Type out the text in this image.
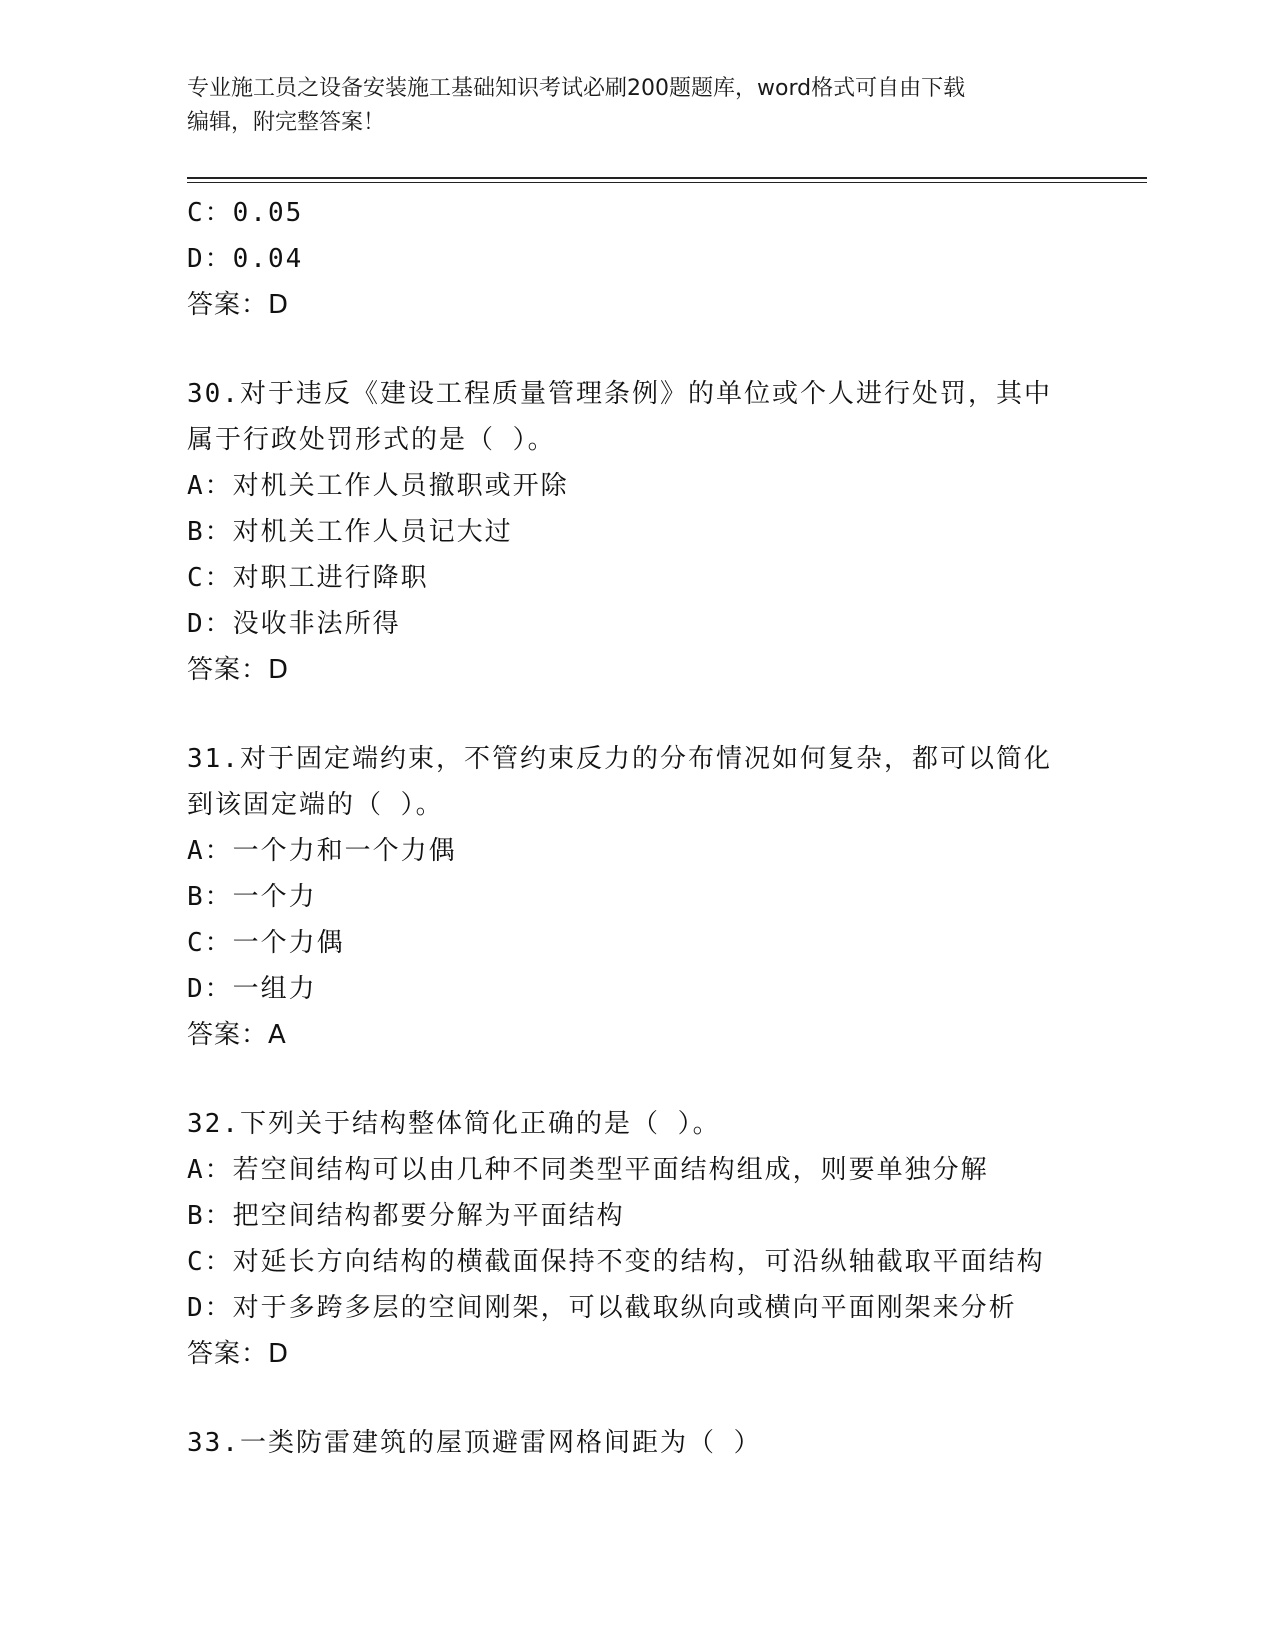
专业施工员之设备安装施工基础知识考试必刷200题题库，word格式可自由下载
编辑，附完整答案！
C：0.05
D：0.04
答案：D
30.对于违反《建设工程质量管理条例》的单位或个人进行处罚，其中
属于行政处罚形式的是（ ）。
A：对机关工作人员撤职或开除
B：对机关工作人员记大过
C：对职工进行降职
D：没收非法所得
答案：D
31.对于固定端约束，不管约束反力的分布情况如何复杂，都可以简化
到该固定端的（ ）。
A：一个力和一个力偶
B：一个力
C：一个力偶
D：一组力
答案：A
32.下列关于结构整体简化正确的是（ ）。
A：若空间结构可以由几种不同类型平面结构组成，则要单独分解
B：把空间结构都要分解为平面结构
C：对延长方向结构的横截面保持不变的结构，可沿纵轴截取平面结构
D：对于多跨多层的空间刚架，可以截取纵向或横向平面刚架来分析
答案：D
33.一类防雷建筑的屋顶避雷网格间距为（ ）
